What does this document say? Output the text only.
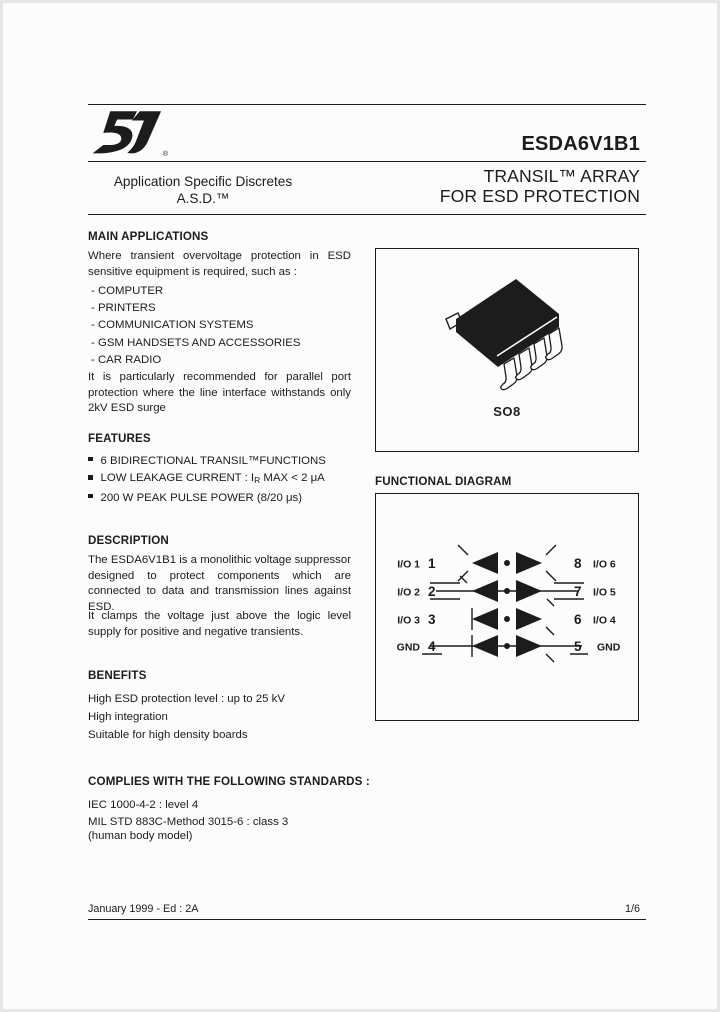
®	ESDA6V1B1
Application Specific Discretes
A.S.D.™
TRANSIL™ ARRAY
FOR ESD PROTECTION
MAIN APPLICATIONS
Where transient overvoltage protection in ESD sensitive equipment is required, such as :
- COMPUTER
- PRINTERS
- COMMUNICATION SYSTEMS
- GSM HANDSETS AND ACCESSORIES
- CAR RADIO
It is particularly recommended for parallel port protection where the line interface withstands only 2kV ESD surge
FEATURES
6 BIDIRECTIONAL TRANSIL™FUNCTIONS
LOW LEAKAGE CURRENT : $I_R$ MAX < 2 μA
200 W PEAK PULSE POWER (8/20 μs)
DESCRIPTION
The ESDA6V1B1 is a monolithic voltage suppressor designed to protect components which are connected to data and transmission lines against ESD.
It clamps the voltage just above the logic level supply for positive and negative transients.
BENEFITS
High ESD protection level : up to 25 kV
High integration
Suitable for high density boards
COMPLIES WITH THE FOLLOWING STANDARDS :
IEC 1000-4-2 : level 4
MIL STD 883C-Method 3015-6 : class 3
(human body model)
SO8
FUNCTIONAL DIAGRAM
I/O 1 1	8 I/O 6
I/O 2 2	7 I/O 5
I/O 3 3	6 I/O 4
GND 4	5 GND
January 1999 - Ed : 2A	1/6
